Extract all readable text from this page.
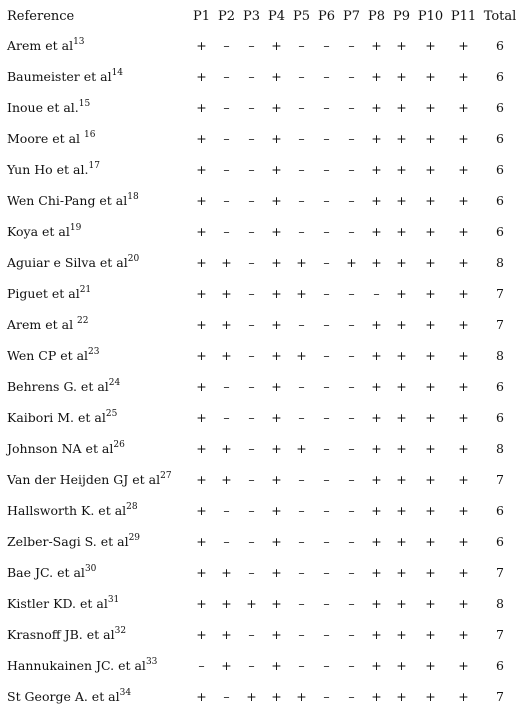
Reference	P1	P2	P3	P4	P5	P6	P7	P8	P9	P10	P11	Total
Arem et $al^{13}$	+	–	–	+	–	–	–	+	+	+	+	6
Baumeister et $al^{14}$	+	–	–	+	–	–	–	+	+	+	+	6
Inoue et al.$^{15}$	+	–	–	+	–	–	–	+	+	+	+	6
Moore et al $^{16}$	+	–	–	+	–	–	–	+	+	+	+	6
Yun Ho et al.$^{17}$	+	–	–	+	–	–	–	+	+	+	+	6
Wen Chi-Pang et $al^{18}$	+	–	–	+	–	–	–	+	+	+	+	6
Koya et $al^{19}$	+	–	–	+	–	–	–	+	+	+	+	6
Aguiar e Silva et $al^{20}$	+	+	–	+	+	–	+	+	+	+	+	8
Piguet et $al^{21}$	+	+	–	+	+	–	–	–	+	+	+	7
Arem et al $^{22}$	+	+	–	+	–	–	–	+	+	+	+	7
Wen CP et $al^{23}$	+	+	–	+	+	–	–	+	+	+	+	8
Behrens G. et $al^{24}$	+	–	–	+	–	–	–	+	+	+	+	6
Kaibori M. et $al^{25}$	+	–	–	+	–	–	–	+	+	+	+	6
Johnson NA et $al^{26}$	+	+	–	+	+	–	–	+	+	+	+	8
Van der Heijden GJ et $al^{27}$	+	+	–	+	–	–	–	+	+	+	+	7
Hallsworth K. et $al^{28}$	+	–	–	+	–	–	–	+	+	+	+	6
Zelber-Sagi S. et $al^{29}$	+	–	–	+	–	–	–	+	+	+	+	6
Bae JC. et $al^{30}$	+	+	–	+	–	–	–	+	+	+	+	7
Kistler KD. et $al^{31}$	+	+	+	+	–	–	–	+	+	+	+	8
Krasnoff JB. et $al^{32}$	+	+	–	+	–	–	–	+	+	+	+	7
Hannukainen JC. et $al^{33}$	–	+	–	+	–	–	–	+	+	+	+	6
St George A. et $al^{34}$	+	–	+	+	+	–	–	+	+	+	+	7
